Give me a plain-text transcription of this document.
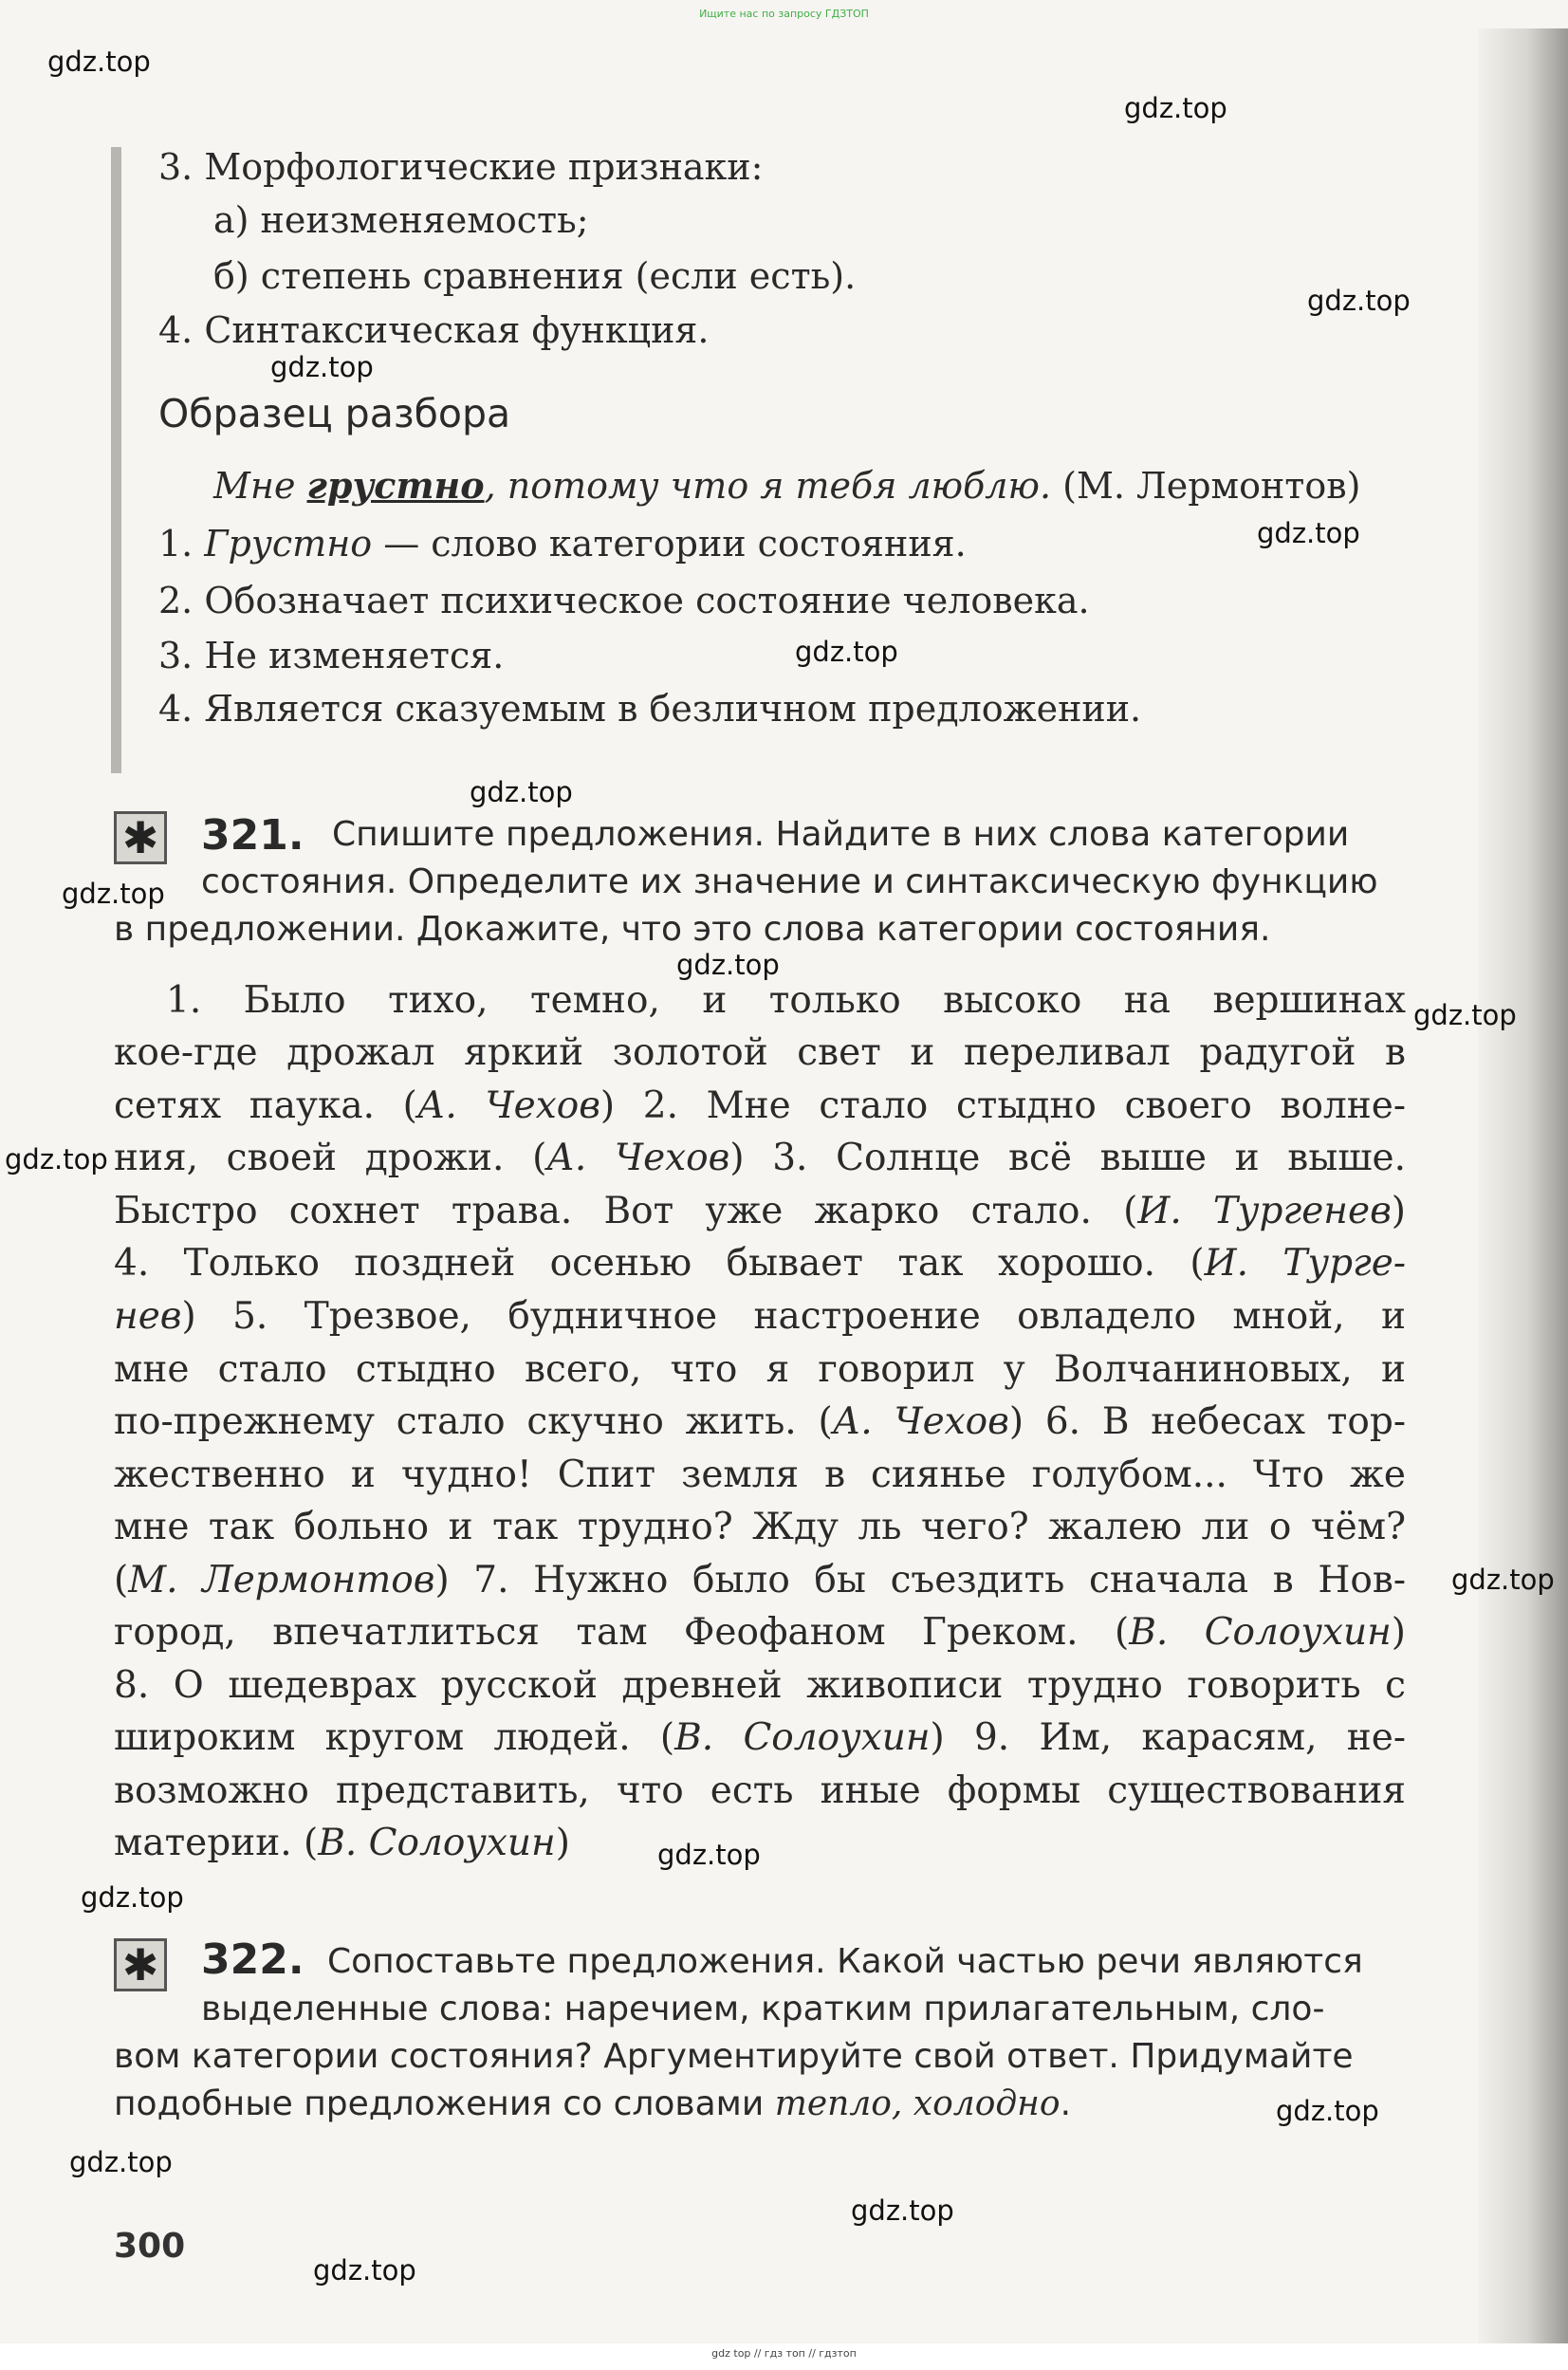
Ищите нас по запросу ГДЗТОП
gdz top // гдз топ // гдзтоп
3. Морфологические признаки:
а) неизменяемость;
б) степень сравнения (если есть).
4. Синтаксическая функция.
Образец разбора
Мне грустно, потому что я тебя люблю. (М. Лермонтов)
1. Грустно — слово категории состояния.
2. Обозначает психическое состояние человека.
3. Не изменяется.
4. Является сказуемым в безличном предложении.
✱ 321. Спишите предложения. Найдите в них слова категории
состояния. Определите их значение и синтаксическую функцию
в предложении. Докажите, что это слова категории состояния.
1. Было тихо, темно, и только высоко на вершинах
кое-где дрожал яркий золотой свет и переливал радугой в
сетях паука. (А. Чехов) 2. Мне стало стыдно своего волне-
ния, своей дрожи. (А. Чехов) 3. Солнце всё выше и выше.
Быстро сохнет трава. Вот уже жарко стало. (И. Тургенев)
4. Только поздней осенью бывает так хорошо. (И. Турге-
нев) 5. Трезвое, будничное настроение овладело мной, и
мне стало стыдно всего, что я говорил у Волчаниновых, и
по-прежнему стало скучно жить. (А. Чехов) 6. В небесах тор-
жественно и чудно! Спит земля в сиянье голубом... Что же
мне так больно и так трудно? Жду ль чего? жалею ли о чём?
(М. Лермонтов) 7. Нужно было бы съездить сначала в Нов-
город, впечатлиться там Феофаном Греком. (В. Солоухин)
8. О шедеврах русской древней живописи трудно говорить с
широким кругом людей. (В. Солоухин) 9. Им, карасям, не-
возможно представить, что есть иные формы существования
материи. (В. Солоухин)
✱ 322. Сопоставьте предложения. Какой частью речи являются
выделенные слова: наречием, кратким прилагательным, сло-
вом категории состояния? Аргументируйте свой ответ. Придумайте
подобные предложения со словами тепло, холодно.
300
gdz.top
gdz.top
gdz.top
gdz.top
gdz.top
gdz.top
gdz.top
gdz.top
gdz.top
gdz.top
gdz.top
gdz.top
gdz.top
gdz.top
gdz.top
gdz.top
gdz.top
gdz.top
